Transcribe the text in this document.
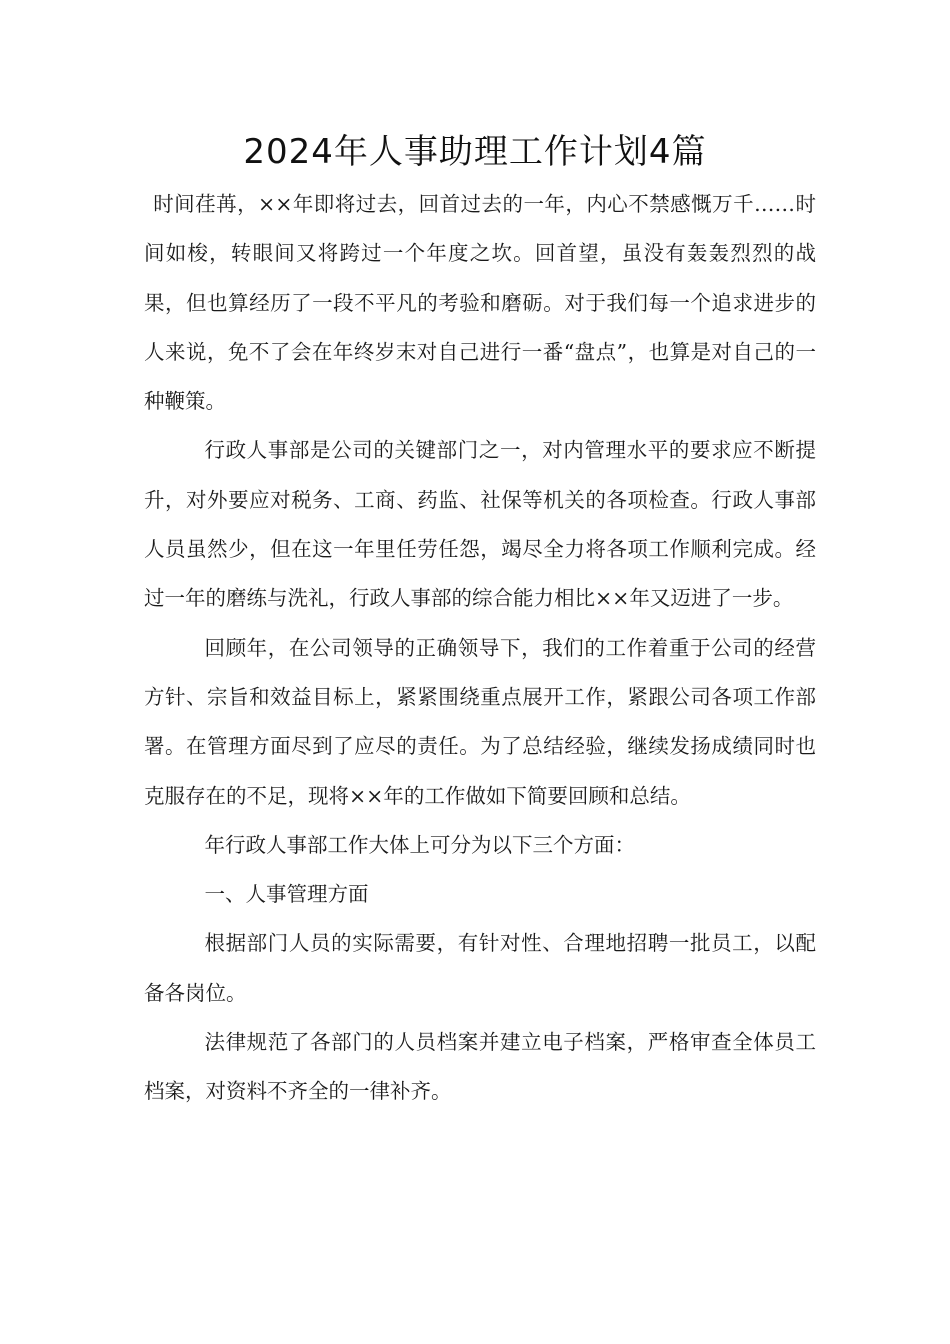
2024年人事助理工作计划4篇

时间荏苒，××年即将过去，回首过去的一年，内心不禁感慨万千……时间如梭，转眼间又将跨过一个年度之坎。回首望，虽没有轰轰烈烈的战果，但也算经历了一段不平凡的考验和磨砺。对于我们每一个追求进步的人来说，免不了会在年终岁末对自己进行一番“盘点”，也算是对自己的一种鞭策。

行政人事部是公司的关键部门之一，对内管理水平的要求应不断提升，对外要应对税务、工商、药监、社保等机关的各项检查。行政人事部人员虽然少，但在这一年里任劳任怨，竭尽全力将各项工作顺利完成。经过一年的磨练与洗礼，行政人事部的综合能力相比××年又迈进了一步。

回顾年，在公司领导的正确领导下，我们的工作着重于公司的经营方针、宗旨和效益目标上，紧紧围绕重点展开工作，紧跟公司各项工作部署。在管理方面尽到了应尽的责任。为了总结经验，继续发扬成绩同时也克服存在的不足，现将××年的工作做如下简要回顾和总结。

年行政人事部工作大体上可分为以下三个方面：

一、人事管理方面

根据部门人员的实际需要，有针对性、合理地招聘一批员工，以配备各岗位。

法律规范了各部门的人员档案并建立电子档案，严格审查全体员工档案，对资料不齐全的一律补齐。
